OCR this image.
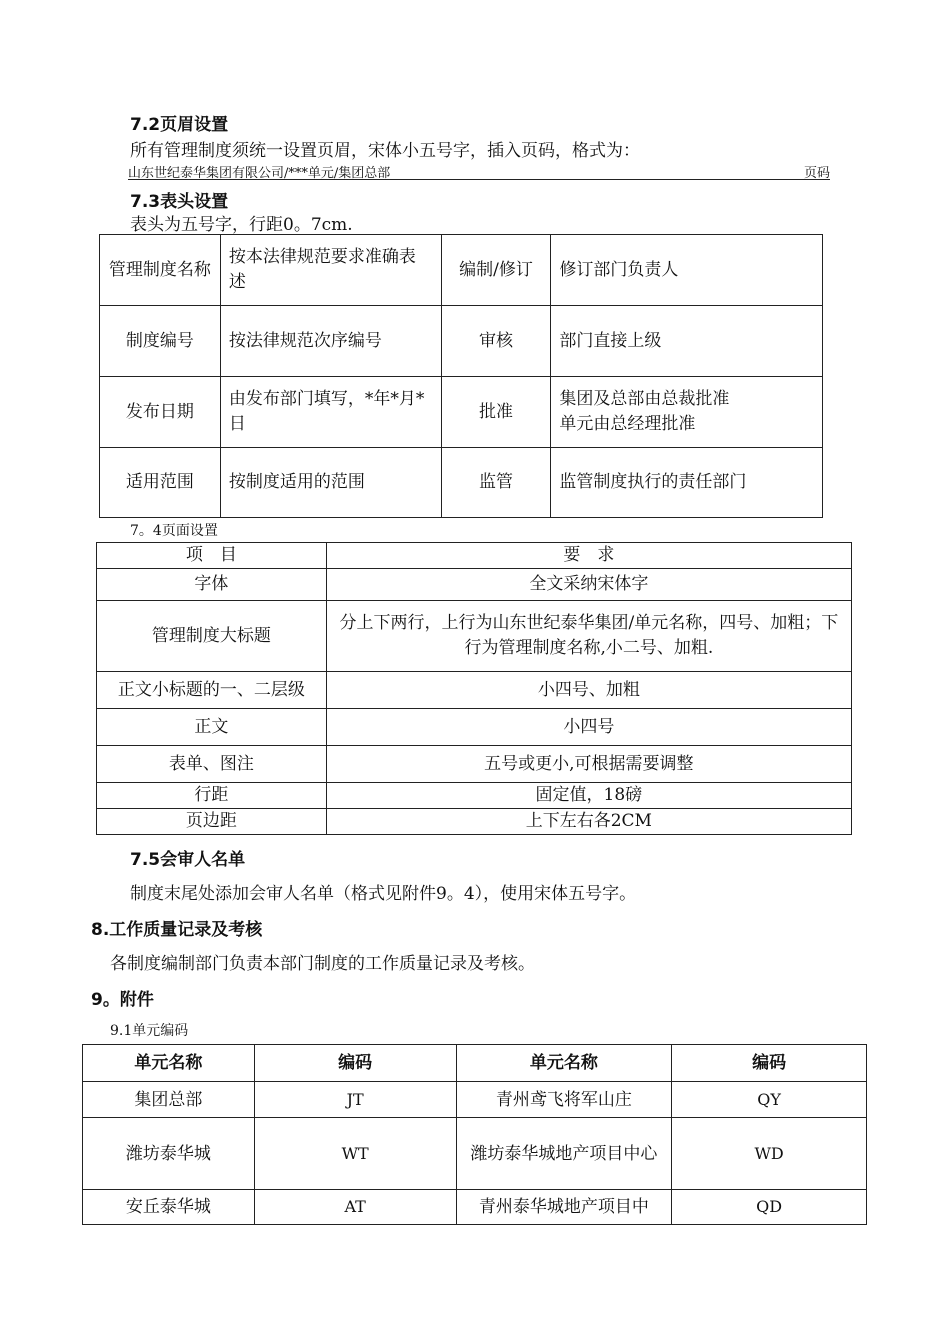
7.2页眉设置
所有管理制度须统一设置页眉，宋体小五号字，插入页码，格式为：
山东世纪泰华集团有限公司/***单元/集团总部	页码
7.3表头设置
表头为五号字，行距0。7cm.
管理制度名称	按本法律规范要求准确表述	编制/修订	修订部门负责人
制度编号	按法律规范次序编号	审核	部门直接上级
发布日期	由发布部门填写，*年*月*日	批准	集团及总部由总裁批准
单元由总经理批准
适用范围	按制度适用的范围	监管	监管制度执行的责任部门
7。4页面设置
项　目	要　求
字体	全文采纳宋体字
管理制度大标题	分上下两行，上行为山东世纪泰华集团/单元名称，四号、加粗；下行为管理制度名称,小二号、加粗.
正文小标题的一、二层级	小四号、加粗
正文	小四号
表单、图注	五号或更小,可根据需要调整
行距	固定值，18磅
页边距	上下左右各2CM
7.5会审人名单
制度末尾处添加会审人名单（格式见附件9。4），使用宋体五号字。
8.工作质量记录及考核
各制度编制部门负责本部门制度的工作质量记录及考核。
9。附件
9.1单元编码
单元名称	编码	单元名称	编码
集团总部	JT	青州鸢飞将军山庄	QY
潍坊泰华城	WT	潍坊泰华城地产项目中心	WD
安丘泰华城	AT	青州泰华城地产项目中	QD
